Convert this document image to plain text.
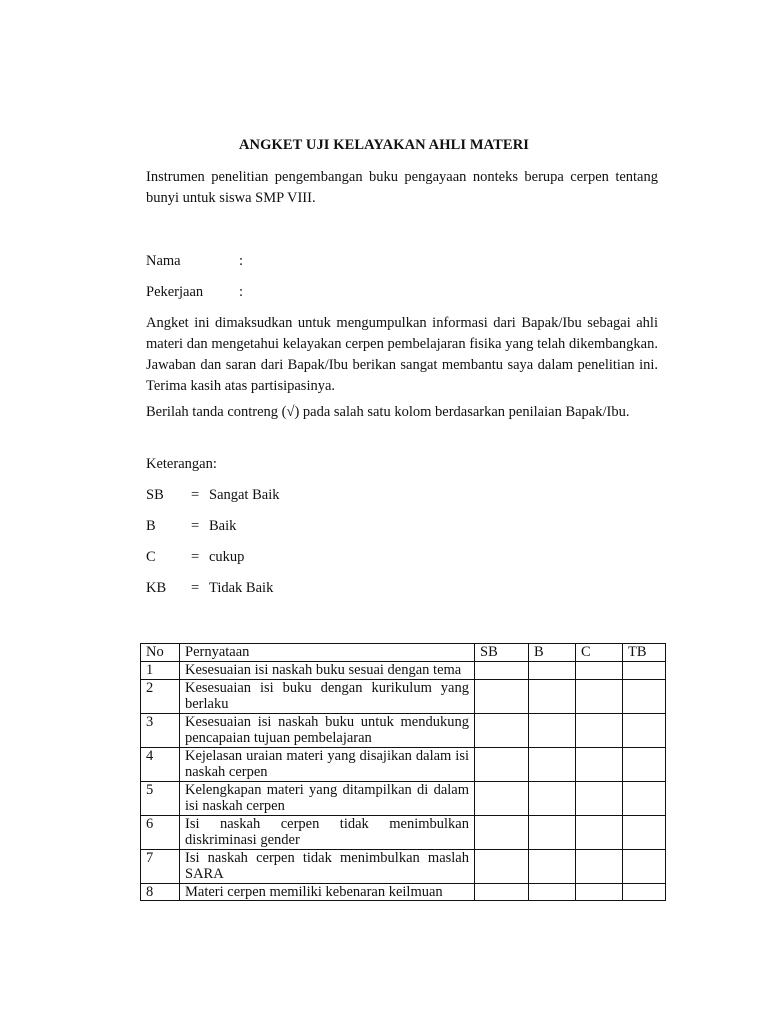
ANGKET UJI KELAYAKAN AHLI MATERI
Instrumen penelitian pengembangan buku pengayaan nonteks berupa cerpen tentang bunyi untuk siswa SMP VIII.
Nama	:
Pekerjaan :
Angket ini dimaksudkan untuk mengumpulkan informasi dari Bapak/Ibu sebagai ahli materi dan mengetahui kelayakan cerpen pembelajaran fisika yang telah dikembangkan. Jawaban dan saran dari Bapak/Ibu berikan sangat membantu saya dalam penelitian ini. Terima kasih atas partisipasinya.
Berilah tanda contreng (√) pada salah satu kolom berdasarkan penilaian Bapak/Ibu.
Keterangan:
SB = Sangat Baik
B = Baik
C = cukup
KB = Tidak Baik
No	Pernyataan	SB	B	C	TB
1	Kesesuaian isi naskah buku sesuai dengan tema				
2	Kesesuaian isi buku dengan kurikulum yang berlaku				
3	Kesesuaian isi naskah buku untuk mendukung pencapaian tujuan pembelajaran				
4	Kejelasan uraian materi yang disajikan dalam isi naskah cerpen				
5	Kelengkapan materi yang ditampilkan di dalam isi naskah cerpen				
6	Isi naskah cerpen tidak menimbulkan diskriminasi gender				
7	Isi naskah cerpen tidak menimbulkan maslah SARA				
8	Materi cerpen memiliki kebenaran keilmuan				
